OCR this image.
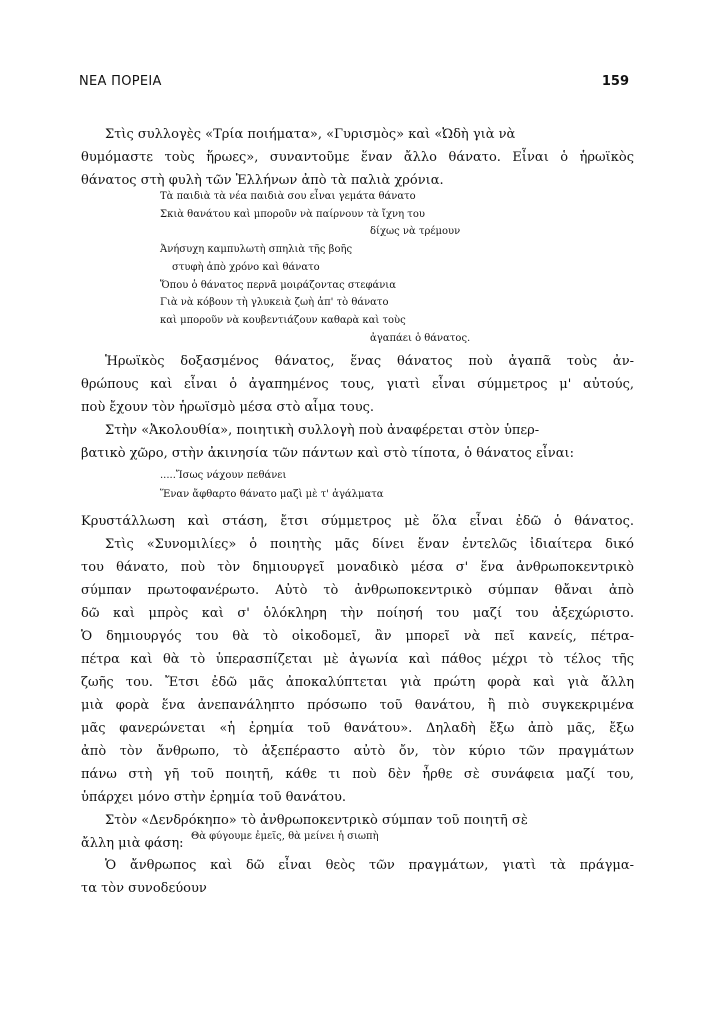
ΝΕΑ ΠΟΡΕΙΑ	159

Στὶς συλλογὲς «Τρία ποιήματα», «Γυρισμὸς» καὶ «Ὠδὴ γιὰ νὰ
θυμόμαστε τοὺς ἥρωες», συναντοῦμε ἕναν ἄλλο θάνατο. Εἶναι ὁ ἡρωϊκὸς
θάνατος στὴ φυλὴ τῶν Ἑλλήνων ἀπὸ τὰ παλιὰ χρόνια.

Τὰ παιδιὰ τὰ νέα παιδιὰ σου εἶναι γεμάτα θάνατο
Σκιὰ θανάτου καὶ μποροῦν νὰ παίρνουν τὰ ἴχνη του
δίχως νὰ τρέμουν
Ἀνήσυχη καμπυλωτὴ σπηλιὰ τῆς βοῆς
στυφὴ ἀπὸ χρόνο καὶ θάνατο
Ὅπου ὁ θάνατος περνᾶ μοιράζοντας στεφάνια
Γιὰ νὰ κόβουν τὴ γλυκειὰ ζωὴ ἀπ' τὸ θάνατο
καὶ μποροῦν νὰ κουβεντιάζουν καθαρὰ καὶ τοὺς
ἀγαπάει ὁ θάνατος.

Ἡρωϊκὸς δοξασμένος θάνατος, ἕνας θάνατος ποὺ ἀγαπᾶ τοὺς ἀν-
θρώπους καὶ εἶναι ὁ ἀγαπημένος τους, γιατὶ εἶναι σύμμετρος μ' αὐτούς,
ποὺ ἔχουν τὸν ἡρωϊσμὸ μέσα στὸ αἷμα τους.
Στὴν «Ἀκολουθία», ποιητικὴ συλλογὴ ποὺ ἀναφέρεται στὸν ὑπερ-
βατικὸ χῶρο, στὴν ἀκινησία τῶν πάντων καὶ στὸ τίποτα, ὁ θάνατος εἶναι:

.....Ἴσως νάχουν πεθάνει
Ἕναν ἄφθαρτο θάνατο μαζὶ μὲ τ' ἀγάλματα

Κρυστάλλωση καὶ στάση, ἔτσι σύμμετρος μὲ ὅλα εἶναι ἐδῶ ὁ θάνατος.
Στὶς «Συνομιλίες» ὁ ποιητὴς μᾶς δίνει ἕναν ἐντελῶς ἰδιαίτερα δικό
του θάνατο, ποὺ τὸν δημιουργεῖ μοναδικὸ μέσα σ' ἕνα ἀνθρωποκεντρικὸ
σύμπαν πρωτοφανέρωτο. Αὐτὸ τὸ ἀνθρωποκεντρικὸ σύμπαν θἄναι ἀπὸ
δῶ καὶ μπρὸς καὶ σ' ὁλόκληρη τὴν ποίησή του μαζί του ἀξεχώριστο.
Ὁ δημιουργός του θὰ τὸ οἰκοδομεῖ, ἂν μπορεῖ νὰ πεῖ κανείς, πέτρα-
πέτρα καὶ θὰ τὸ ὑπερασπίζεται μὲ ἀγωνία καὶ πάθος μέχρι τὸ τέλος τῆς
ζωῆς του. Ἔτσι ἐδῶ μᾶς ἀποκαλύπτεται γιὰ πρώτη φορὰ καὶ γιὰ ἄλλη
μιὰ φορὰ ἕνα ἀνεπανάληπτο πρόσωπο τοῦ θανάτου, ἢ πιὸ συγκεκριμένα
μᾶς φανερώνεται «ἡ ἐρημία τοῦ θανάτου». Δηλαδὴ ἔξω ἀπὸ μᾶς, ἔξω
ἀπὸ τὸν ἄνθρωπο, τὸ ἀξεπέραστο αὐτὸ ὄν, τὸν κύριο τῶν πραγμάτων
πάνω στὴ γῆ τοῦ ποιητῆ, κάθε τι ποὺ δὲν ἦρθε σὲ συνάφεια μαζί του,
ὑπάρχει μόνο στὴν ἐρημία τοῦ θανάτου.
Στὸν «Δενδρόκηπο» τὸ ἀνθρωποκεντρικὸ σύμπαν τοῦ ποιητῆ σὲ
ἄλλη μιὰ φάση: Θὰ φύγουμε ἐμεῖς, θὰ μείνει ἡ σιωπὴ

Ὁ ἄνθρωπος καὶ δῶ εἶναι θεὸς τῶν πραγμάτων, γιατὶ τὰ πράγμα-
τα τὸν συνοδεύουν
